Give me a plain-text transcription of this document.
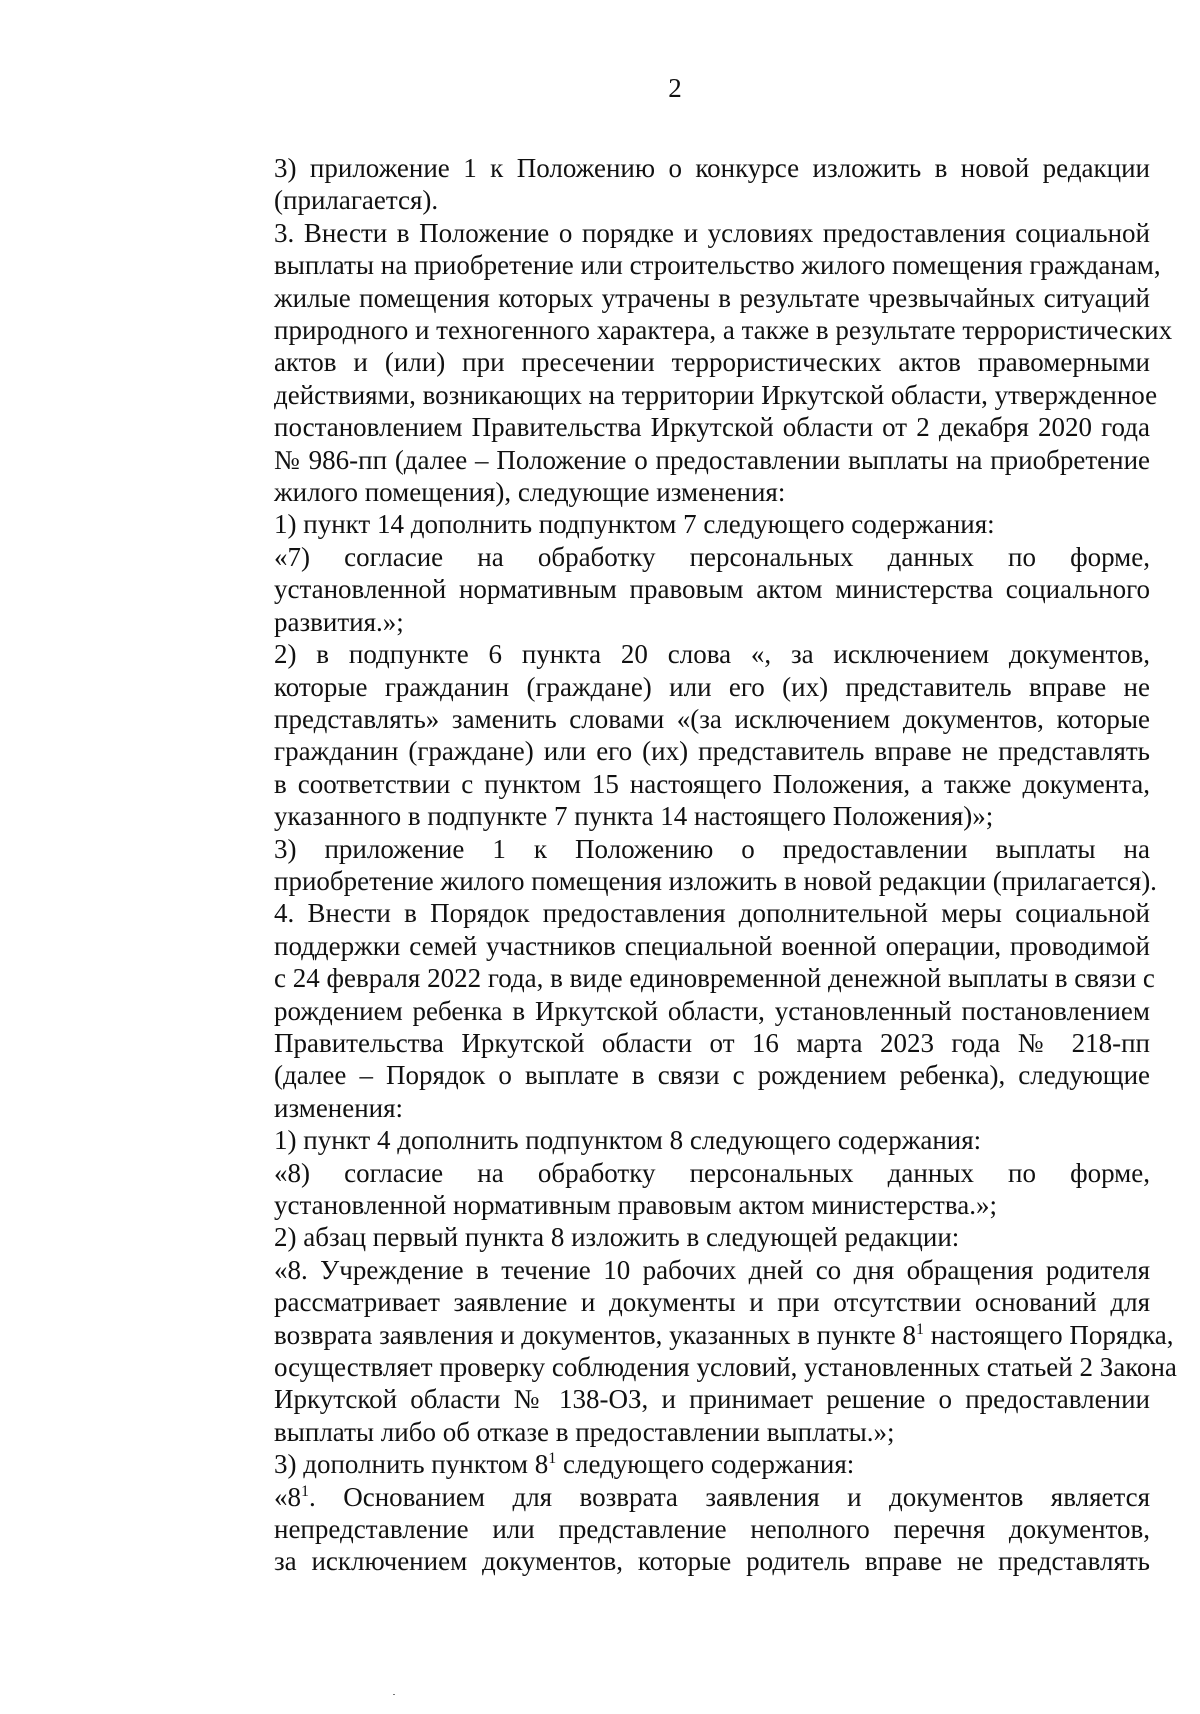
2

3) приложение 1 к Положению о конкурсе изложить в новой редакции
(прилагается).

3. Внести в Положение о порядке и условиях предоставления социальной
выплаты на приобретение или строительство жилого помещения гражданам,
жилые помещения которых утрачены в результате чрезвычайных ситуаций
природного и техногенного характера, а также в результате террористических
актов и (или) при пресечении террористических актов правомерными
действиями, возникающих на территории Иркутской области, утвержденное
постановлением Правительства Иркутской области от 2 декабря 2020 года
№ 986-пп (далее – Положение о предоставлении выплаты на приобретение
жилого помещения), следующие изменения:

1) пункт 14 дополнить подпунктом 7 следующего содержания:

«7) согласие на обработку персональных данных по форме,
установленной нормативным правовым актом министерства социального
развития.»;

2) в подпункте 6 пункта 20 слова «, за исключением документов,
которые гражданин (граждане) или его (их) представитель вправе не
представлять» заменить словами «(за исключением документов, которые
гражданин (граждане) или его (их) представитель вправе не представлять
в соответствии с пунктом 15 настоящего Положения, а также документа,
указанного в подпункте 7 пункта 14 настоящего Положения)»;

3) приложение 1 к Положению о предоставлении выплаты на
приобретение жилого помещения изложить в новой редакции (прилагается).

4. Внести в Порядок предоставления дополнительной меры социальной
поддержки семей участников специальной военной операции, проводимой
с 24 февраля 2022 года, в виде единовременной денежной выплаты в связи с
рождением ребенка в Иркутской области, установленный постановлением
Правительства Иркутской области от 16 марта 2023 года № 218-пп
(далее – Порядок о выплате в связи с рождением ребенка), следующие
изменения:

1) пункт 4 дополнить подпунктом 8 следующего содержания:

«8) согласие на обработку персональных данных по форме,
установленной нормативным правовым актом министерства.»;

2) абзац первый пункта 8 изложить в следующей редакции:

«8. Учреждение в течение 10 рабочих дней со дня обращения родителя
рассматривает заявление и документы и при отсутствии оснований для
возврата заявления и документов, указанных в пункте $8^1$ настоящего Порядка,
осуществляет проверку соблюдения условий, установленных статьей 2 Закона
Иркутской области № 138-ОЗ, и принимает решение о предоставлении
выплаты либо об отказе в предоставлении выплаты.»;

3) дополнить пунктом $8^1$ следующего содержания:

«$8^1$. Основанием для возврата заявления и документов является
непредставление или представление неполного перечня документов,
за исключением документов, которые родитель вправе не представлять
